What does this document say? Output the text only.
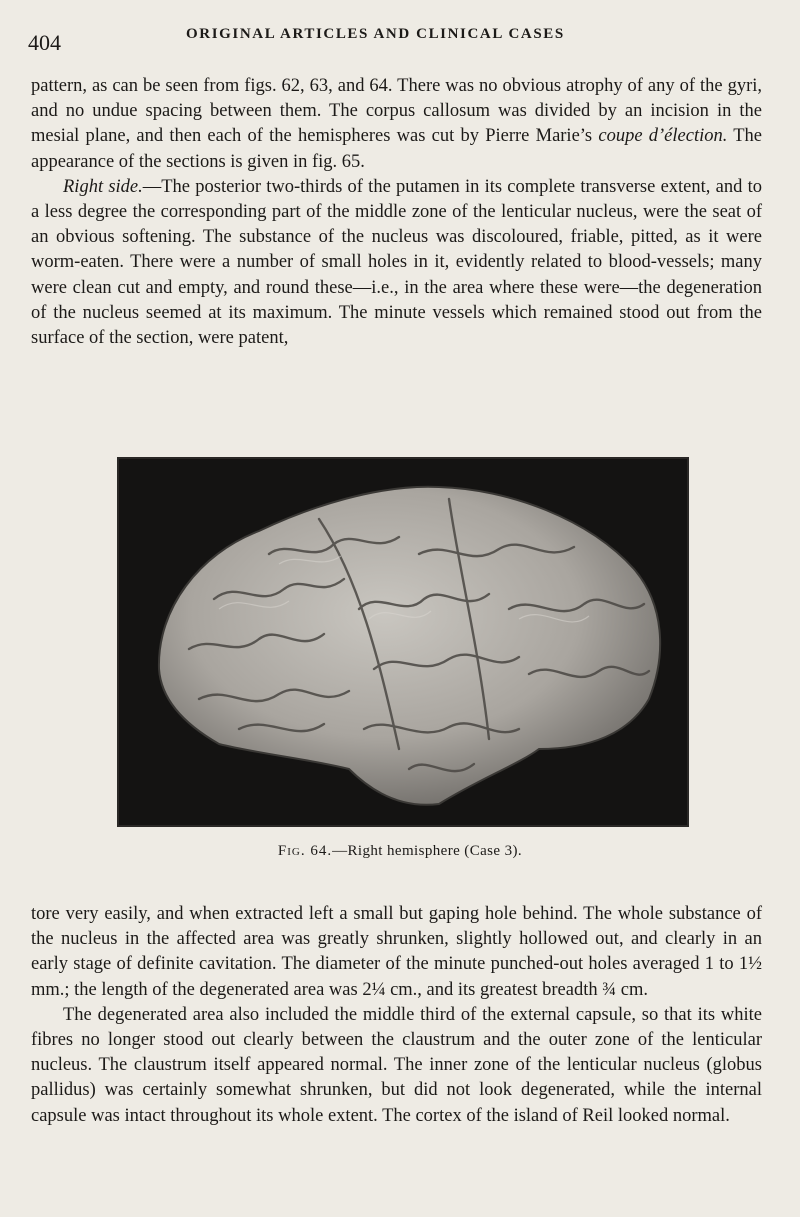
404	ORIGINAL ARTICLES AND CLINICAL CASES

pattern, as can be seen from figs. 62, 63, and 64. There was no obvious atrophy of any of the gyri, and no undue spacing between them. The corpus callosum was divided by an incision in the mesial plane, and then each of the hemispheres was cut by Pierre Marie’s coupe d’élection. The appearance of the sections is given in fig. 65.

Right side.—The posterior two-thirds of the putamen in its complete transverse extent, and to a less degree the corresponding part of the middle zone of the lenticular nucleus, were the seat of an obvious softening. The substance of the nucleus was discoloured, friable, pitted, as it were worm-eaten. There were a number of small holes in it, evidently related to blood-vessels; many were clean cut and empty, and round these—i.e., in the area where these were—the degeneration of the nucleus seemed at its maximum. The minute vessels which remained stood out from the surface of the section, were patent,

Fig. 64.—Right hemisphere (Case 3).

tore very easily, and when extracted left a small but gaping hole behind. The whole substance of the nucleus in the affected area was greatly shrunken, slightly hollowed out, and clearly in an early stage of definite cavitation. The diameter of the minute punched-out holes averaged 1 to 1½ mm.; the length of the degenerated area was 2¼ cm., and its greatest breadth ¾ cm.

The degenerated area also included the middle third of the external capsule, so that its white fibres no longer stood out clearly between the claustrum and the outer zone of the lenticular nucleus. The claustrum itself appeared normal. The inner zone of the lenticular nucleus (globus pallidus) was certainly somewhat shrunken, but did not look degenerated, while the internal capsule was intact throughout its whole extent. The cortex of the island of Reil looked normal.
